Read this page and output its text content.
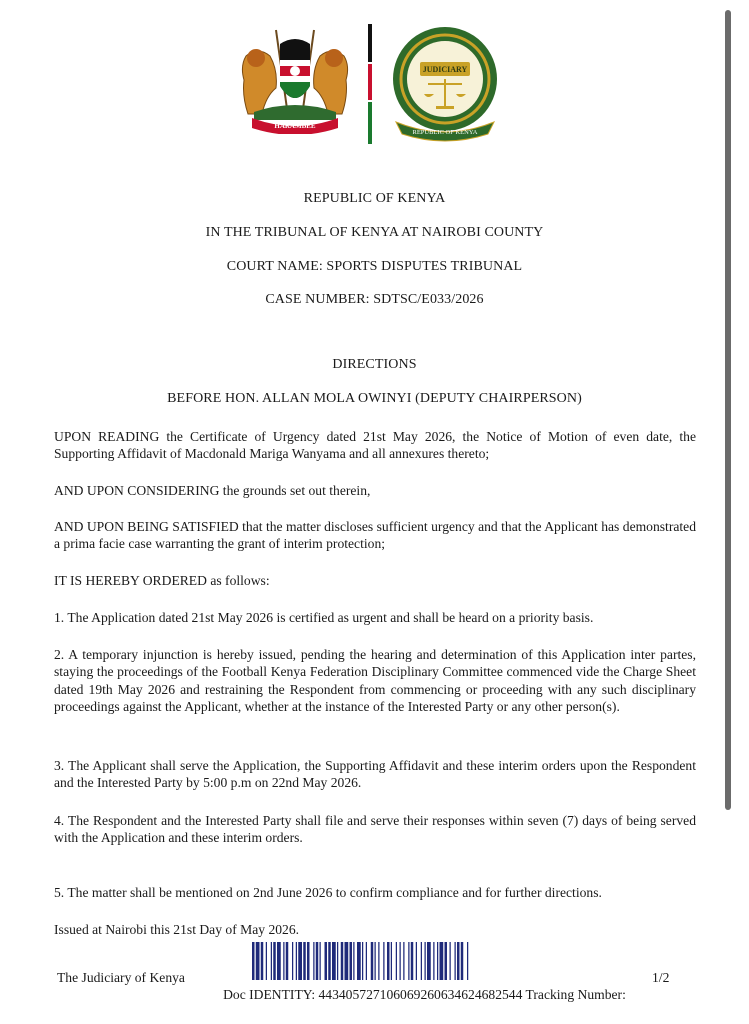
HARAMBEE
JUDICIARY
REPUBLIC OF KENYA
REPUBLIC OF KENYA
IN THE TRIBUNAL OF KENYA AT NAIROBI COUNTY
COURT NAME: SPORTS DISPUTES TRIBUNAL
CASE NUMBER: SDTSC/E033/2026
DIRECTIONS
BEFORE HON. ALLAN MOLA OWINYI (DEPUTY CHAIRPERSON)
UPON READING the Certificate of Urgency dated 21st May 2026, the Notice of Motion of even date, the Supporting Affidavit of Macdonald Mariga Wanyama and all annexures thereto;
AND UPON CONSIDERING the grounds set out therein,
AND UPON BEING SATISFIED that the matter discloses sufficient urgency and that the Applicant has demonstrated a prima facie case warranting the grant of interim protection;
IT IS HEREBY ORDERED as follows:
1. The Application dated 21st May 2026 is certified as urgent and shall be heard on a priority basis.
2. A temporary injunction is hereby issued, pending the hearing and determination of this Application inter partes, staying the proceedings of the Football Kenya Federation Disciplinary Committee commenced vide the Charge Sheet dated 19th May 2026 and restraining the Respondent from commencing or proceeding with any such disciplinary proceedings against the Applicant, whether at the instance of the Interested Party or any other person(s).
3. The Applicant shall serve the Application, the Supporting Affidavit and these interim orders upon the Respondent and the Interested Party by 5:00 p.m on 22nd May 2026.
4. The Respondent and the Interested Party shall file and serve their responses within seven (7) days of being served with the Application and these interim orders.
5. The matter shall be mentioned on 2nd June 2026 to confirm compliance and for further directions.
Issued at Nairobi this 21st Day of May 2026.
The Judiciary of Kenya	1/2
Doc IDENTITY: 4434057271060692606346246825​44 Tracking Number:
